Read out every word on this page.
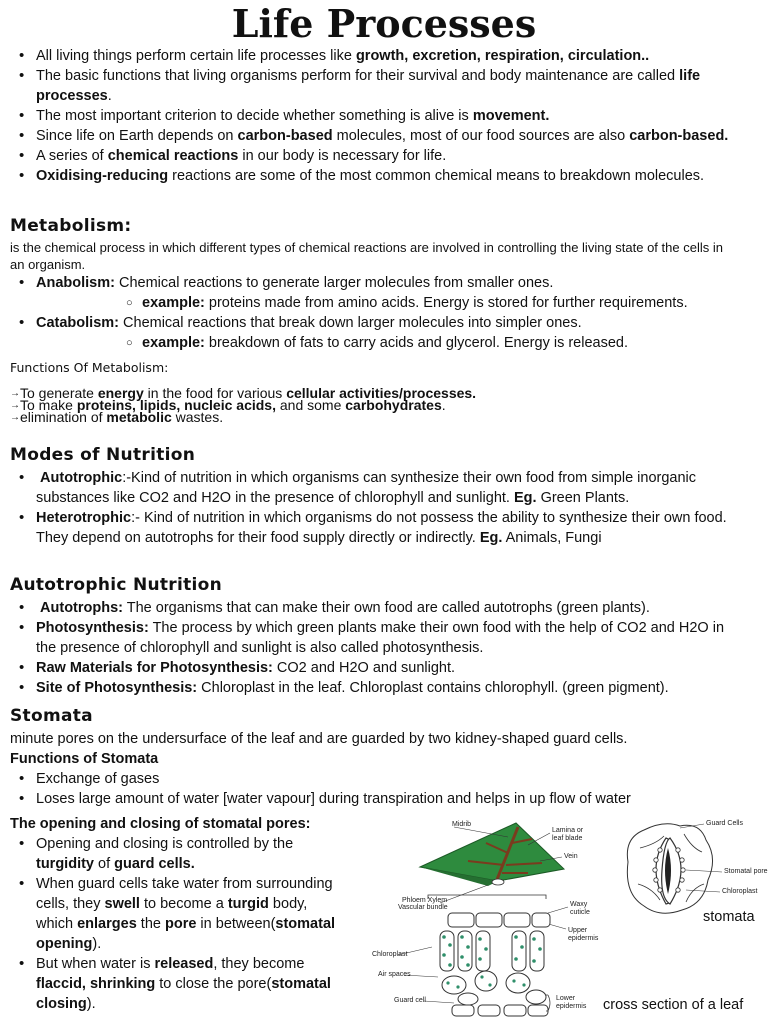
Life Processes
• All living things perform certain life processes like growth, excretion, respiration, circulation..
• The basic functions that living organisms perform for their survival and body maintenance are called life processes.
• The most important criterion to decide whether something is alive is movement.
• Since life on Earth depends on carbon-based molecules, most of our food sources are also carbon-based.
• A series of chemical reactions in our body is necessary for life.
• Oxidising-reducing reactions are some of the most common chemical means to breakdown molecules.
Metabolism:
is the chemical process in which different types of chemical reactions are involved in controlling the living state of the cells in an organism.
• Anabolism: Chemical reactions to generate larger molecules from smaller ones.
○ example: proteins made from amino acids. Energy is stored for further requirements.
• Catabolism: Chemical reactions that break down larger molecules into simpler ones.
○ example: breakdown of fats to carry acids and glycerol. Energy is released.
Functions Of Metabolism:
→ To generate energy in the food for various cellular activities/processes.
→ To make proteins, lipids, nucleic acids, and some carbohydrates.
→ elimination of metabolic wastes.
Modes of Nutrition
• Autotrophic:-Kind of nutrition in which organisms can synthesize their own food from simple inorganic substances like CO2 and H2O in the presence of chlorophyll and sunlight. Eg. Green Plants.
• Heterotrophic:- Kind of nutrition in which organisms do not possess the ability to synthesize their own food. They depend on autotrophs for their food supply directly or indirectly. Eg. Animals, Fungi
Autotrophic Nutrition
• Autotrophs: The organisms that can make their own food are called autotrophs (green plants).
• Photosynthesis: The process by which green plants make their own food with the help of CO2 and H2O in the presence of chlorophyll and sunlight is also called photosynthesis.
• Raw Materials for Photosynthesis: CO2 and H2O and sunlight.
• Site of Photosynthesis: Chloroplast in the leaf. Chloroplast contains chlorophyll. (green pigment).
Stomata
minute pores on the undersurface of the leaf and are guarded by two kidney-shaped guard cells.
Functions of Stomata
• Exchange of gases
• Loses large amount of water [water vapour] during transpiration and helps in up flow of water
The opening and closing of stomatal pores:
• Opening and closing is controlled by the turgidity of guard cells.
• When guard cells take water from surrounding cells, they swell to become a turgid body, which enlarges the pore in between(stomatal opening).
• But when water is released, they become flaccid, shrinking to close the pore(stomatal closing).
Midrib
Lamina or leaf blade
Vein
Phloem Xylem
Vascular bundle	Waxy cuticle
Upper epidermis
Chloroplast
Air spaces
Guard cell	Lower epidermis
Guard Cells
Stomatal pore
Chloroplast
stomata
cross section of a leaf
